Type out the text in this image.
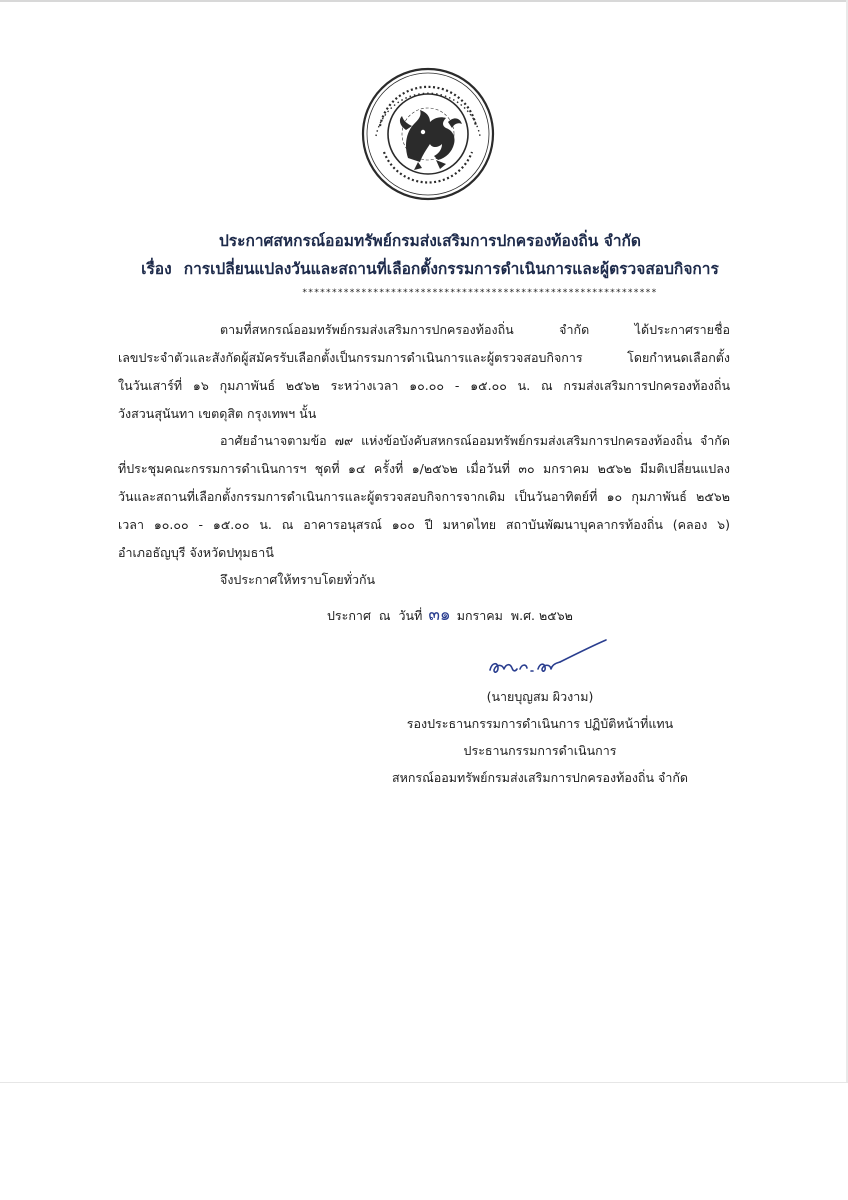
ประกาศสหกรณ์ออมทรัพย์กรมส่งเสริมการปกครองท้องถิ่น จำกัด
เรื่อง การเปลี่ยนแปลงวันและสถานที่เลือกตั้งกรรมการดำเนินการและผู้ตรวจสอบกิจการ
************************************************************
ตามที่สหกรณ์ออมทรัพย์กรมส่งเสริมการปกครองท้องถิ่น จำกัด ได้ประกาศรายชื่อ
เลขประจำตัวและสังกัดผู้สมัครรับเลือกตั้งเป็นกรรมการดำเนินการและผู้ตรวจสอบกิจการ โดยกำหนดเลือกตั้ง
ในวันเสาร์ที่ ๑๖ กุมภาพันธ์ ๒๕๖๒ ระหว่างเวลา ๑๐.๐๐ - ๑๕.๐๐ น. ณ กรมส่งเสริมการปกครองท้องถิ่น
วังสวนสุนันทา เขตดุสิต กรุงเทพฯ นั้น
อาศัยอำนาจตามข้อ ๗๙ แห่งข้อบังคับสหกรณ์ออมทรัพย์กรมส่งเสริมการปกครองท้องถิ่น จำกัด
ที่ประชุมคณะกรรมการดำเนินการฯ ชุดที่ ๑๔ ครั้งที่ ๑/๒๕๖๒ เมื่อวันที่ ๓๐ มกราคม ๒๕๖๒ มีมติเปลี่ยนแปลง
วันและสถานที่เลือกตั้งกรรมการดำเนินการและผู้ตรวจสอบกิจการจากเดิม เป็นวันอาทิตย์ที่ ๑๐ กุมภาพันธ์ ๒๕๖๒
เวลา ๑๐.๐๐ - ๑๕.๐๐ น. ณ อาคารอนุสรณ์ ๑๐๐ ปี มหาดไทย สถาบันพัฒนาบุคลากรท้องถิ่น (คลอง ๖)
อำเภอธัญบุรี จังหวัดปทุมธานี
จึงประกาศให้ทราบโดยทั่วกัน
ประกาศ ณ วันที่ ๓๑ มกราคม พ.ศ. ๒๕๖๒
(นายบุญสม ผิวงาม)
รองประธานกรรมการดำเนินการ ปฏิบัติหน้าที่แทน
ประธานกรรมการดำเนินการ
สหกรณ์ออมทรัพย์กรมส่งเสริมการปกครองท้องถิ่น จำกัด
